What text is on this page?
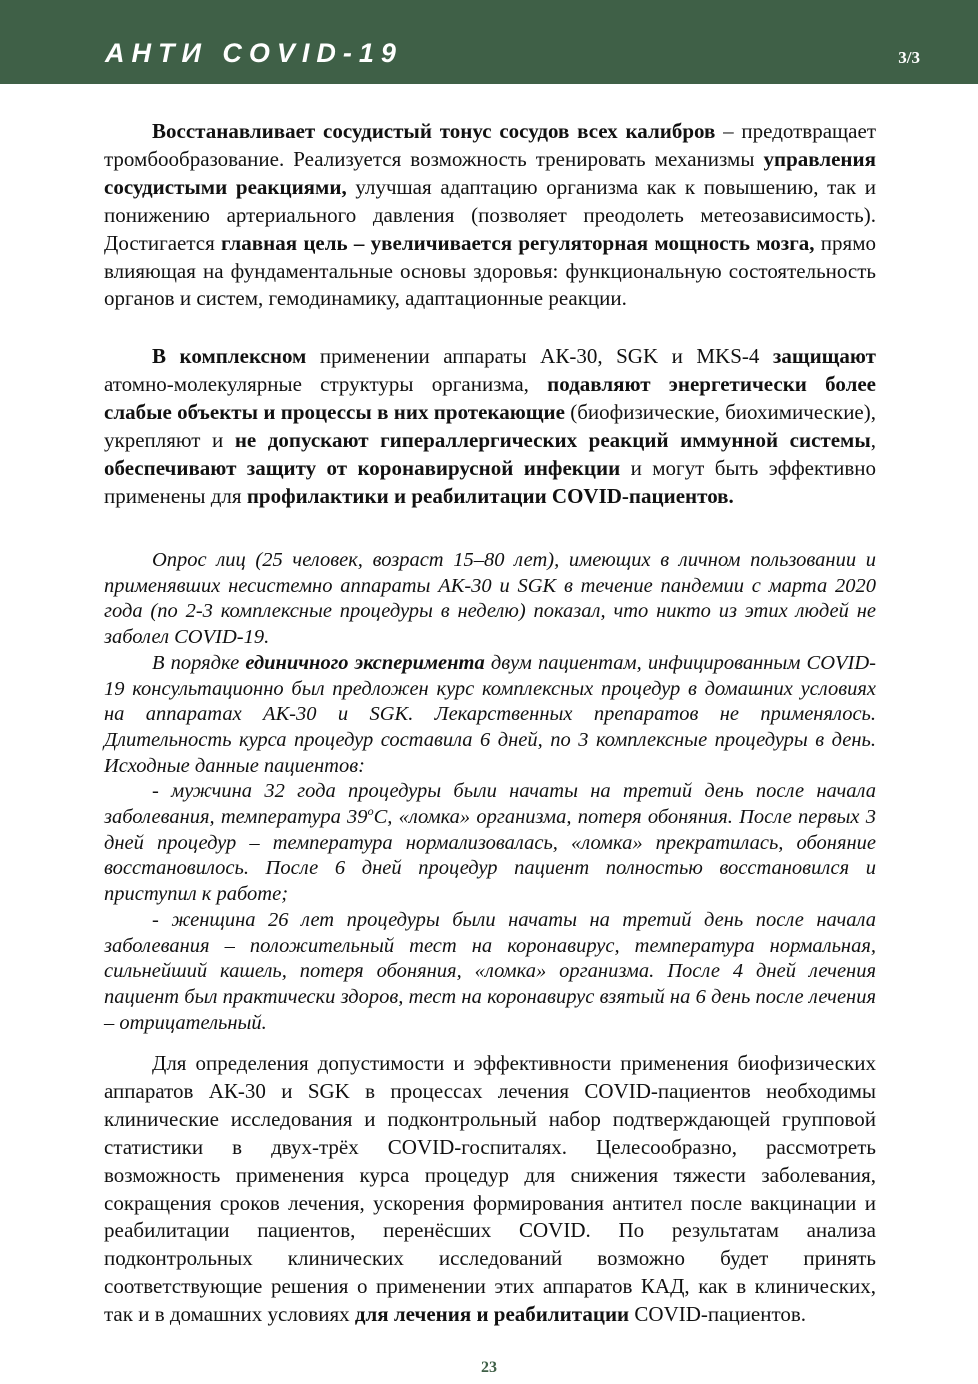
АНТИ COVID-19	3/3

Восстанавливает сосудистый тонус сосудов всех калибров – предотвращает тромбообразование. Реализуется возможность тренировать механизмы управления сосудистыми реакциями, улучшая адаптацию организма как к повышению, так и понижению артериального давления (позволяет преодолеть метеозависимость). Достигается главная цель – увеличивается регуляторная мощность мозга, прямо влияющая на фундаментальные основы здоровья: функциональную состоятельность органов и систем, гемодинамику, адаптационные реакции.

В комплексном применении аппараты АК-30, SGK и MKS-4 защищают атомно-молекулярные структуры организма, подавляют энергетически более слабые объекты и процессы в них протекающие (биофизические, биохимические), укрепляют и не допускают гипераллергических реакций иммунной системы, обеспечивают защиту от коронавирусной инфекции и могут быть эффективно применены для профилактики и реабилитации COVID-пациентов.

Опрос лиц (25 человек, возраст 15–80 лет), имеющих в личном пользовании и применявших несистемно аппараты АК-30 и SGK в течение пандемии с марта 2020 года (по 2-3 комплексные процедуры в неделю) показал, что никто из этих людей не заболел COVID-19.

В порядке единичного эксперимента двум пациентам, инфицированным COVID-19 консультационно был предложен курс комплексных процедур в домашних условиях на аппаратах АК-30 и SGK. Лекарственных препаратов не применялось. Длительность курса процедур составила 6 дней, по 3 комплексные процедуры в день. Исходные данные пациентов:

- мужчина 32 года процедуры были начаты на третий день после начала заболевания, температура 39$^o$С, «ломка» организма, потеря обоняния. После первых 3 дней процедур – температура нормализовалась, «ломка» прекратилась, обоняние восстановилось. После 6 дней процедур пациент полностью восстановился и приступил к работе;

- женщина 26 лет процедуры были начаты на третий день после начала заболевания – положительный тест на коронавирус, температура нормальная, сильнейший кашель, потеря обоняния, «ломка» организма. После 4 дней лечения пациент был практически здоров, тест на коронавирус взятый на 6 день после лечения – отрицательный.

Для определения допустимости и эффективности применения биофизических аппаратов АК-30 и SGK в процессах лечения COVID-пациентов необходимы клинические исследования и подконтрольный набор подтверждающей групповой статистики в двух-трёх COVID-госпиталях. Целесообразно, рассмотреть возможность применения курса процедур для снижения тяжести заболевания, сокращения сроков лечения, ускорения формирования антител после вакцинации и реабилитации пациентов, перенёсших COVID. По результатам анализа подконтрольных клинических исследований возможно будет принять соответствующие решения о применении этих аппаратов КАД, как в клинических, так и в домашних условиях для лечения и реабилитации COVID-пациентов.

23
